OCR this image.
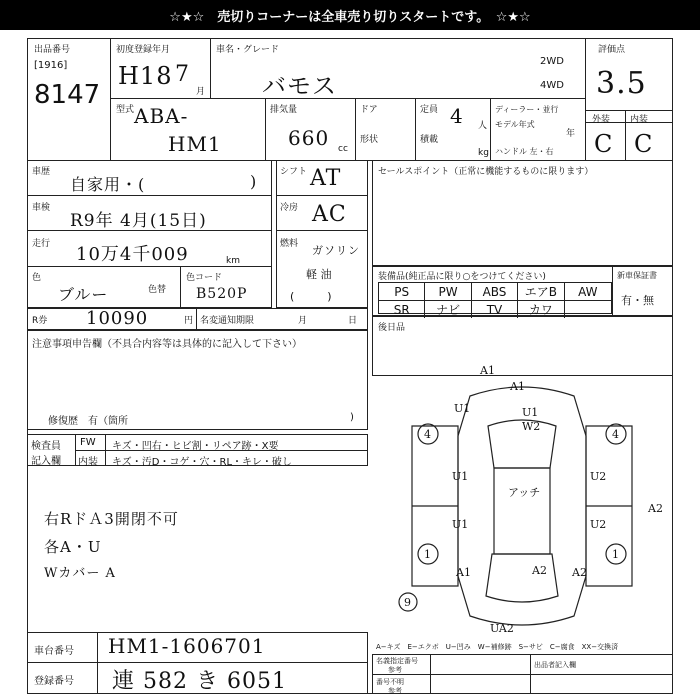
☆★☆　売切りコーナーは全車売り切りスタートです。　☆★☆
出品番号
[1916]
8147
初度登録年月
H18 7
月
車名・グレード
バモス
2WD
4WD
評価点
3.5
型式 ABA-
HM1
排気量
660 cc
ドア
形状
定員 4 人
積載
kg
ディーラー・並行
モデル年式
年
ハンドル 左・右
外装 内装
C C
車歴
自家用・(	)
車検
R9年 4月(15日)
走行 10万4千009	km
色
ブルー	色替
色コード
B520P
シフト AT
冷房 AC
燃料 ガソリン
軽 油
(　　　)
セールスポイント（正常に機能するものに限ります）
装備品(純正品に限り○をつけてください)	新車保証書
有・無
PS	PW	ABS	エアB	AW
SR	ナビ	TV	カワ
R券 10090	円 名変通知期限	月	日
後日品
注意事項申告欄（不具合内容等は具体的に記入して下さい）
修復歴　有（箇所	)
検査員
記入欄
FW キズ・凹右・ヒビ割・リペア跡・X要
内装 キズ・汚D・コゲ・穴・RL・キレ・破し
右RドＡ3開閉不可
各A・U
Wカバー A
A1
A1
U1
W2
U1
4	4
U1
U1
アッチ
U2
U2
A2
A2
1	1
A1	A2
9
UA2
A−キズ　E−エクボ　U−凹み　W−補修跡　S−サビ　C−腐食　XX−交換済
車台番号 HM1-1606701
登録番号 連 582 き 6051
名義指定番号
参考
出品者記入欄
番号不明
参考
